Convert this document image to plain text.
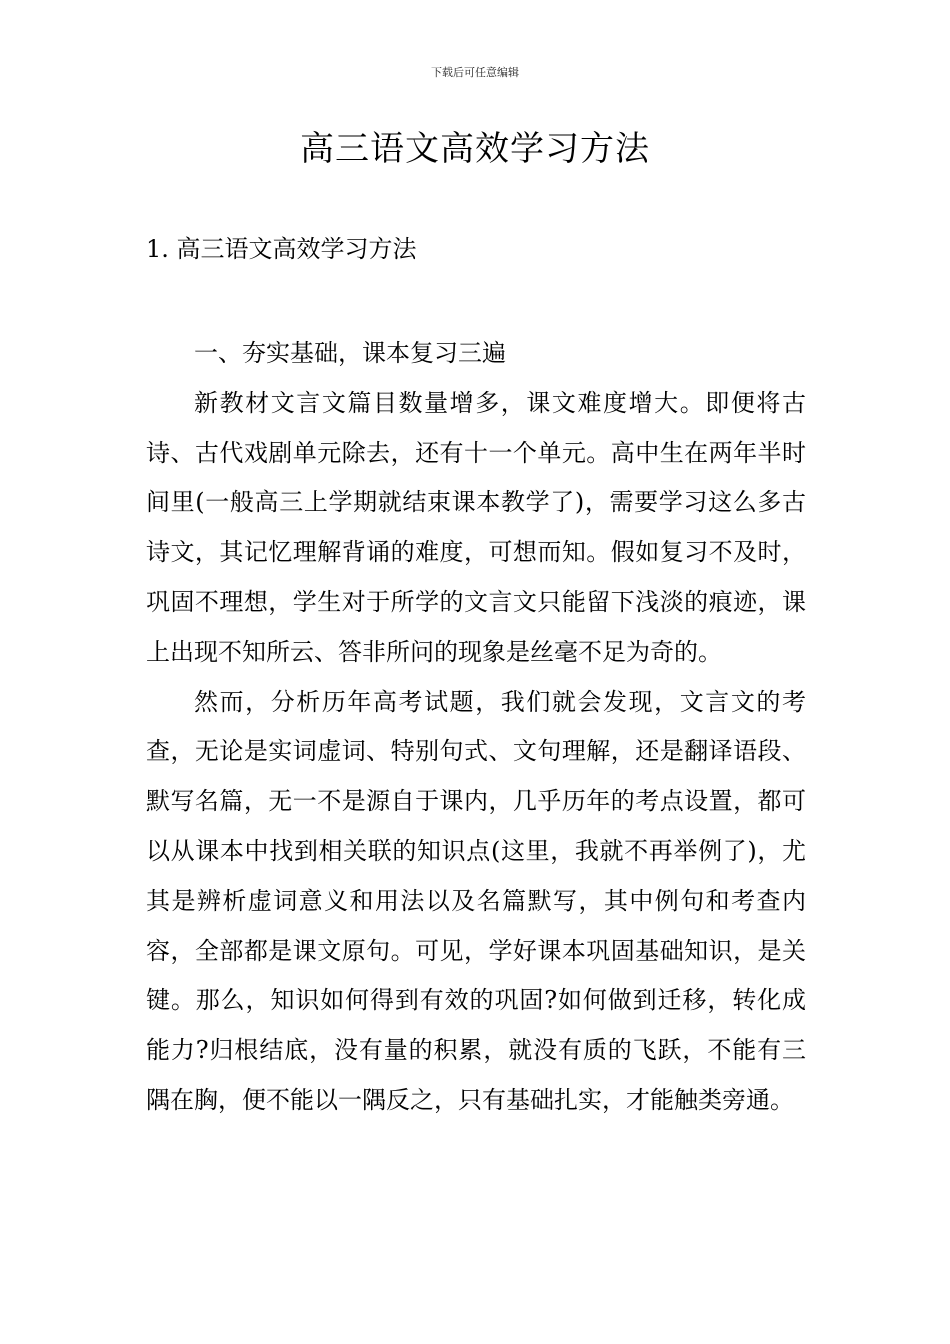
下载后可任意编辑
高三语文高效学习方法
1. 高三语文高效学习方法

一、夯实基础，课本复习三遍

新教材文言文篇目数量增多，课文难度增大。即便将古诗、古代戏剧单元除去，还有十一个单元。高中生在两年半时间里(一般高三上学期就结束课本教学了)，需要学习这么多古诗文，其记忆理解背诵的难度，可想而知。假如复习不及时，巩固不理想，学生对于所学的文言文只能留下浅淡的痕迹，课上出现不知所云、答非所问的现象是丝毫不足为奇的。

然而，分析历年高考试题，我们就会发现，文言文的考查，无论是实词虚词、特别句式、文句理解，还是翻译语段、默写名篇，无一不是源自于课内，几乎历年的考点设置，都可以从课本中找到相关联的知识点(这里，我就不再举例了)，尤其是辨析虚词意义和用法以及名篇默写，其中例句和考查内容，全部都是课文原句。可见，学好课本巩固基础知识，是关键。那么，知识如何得到有效的巩固?如何做到迁移，转化成能力?归根结底，没有量的积累，就没有质的飞跃，不能有三隅在胸，便不能以一隅反之，只有基础扎实，才能触类旁通。
